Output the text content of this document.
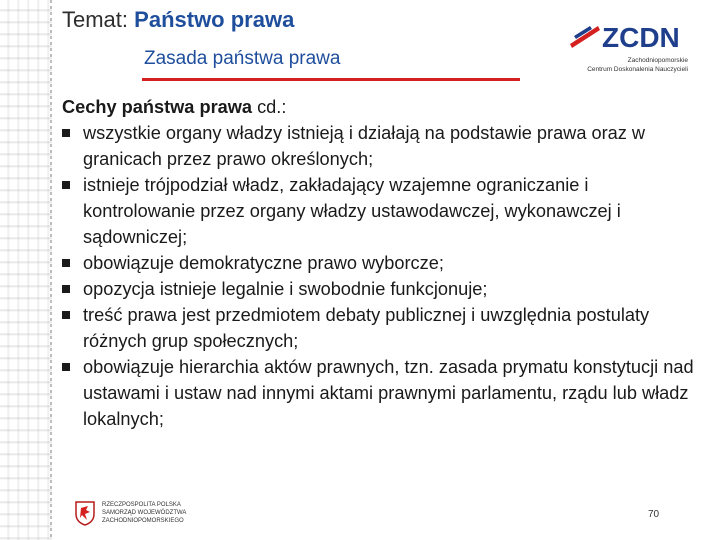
Temat: Państwo prawa
Zasada państwa prawa
ZCDN
Zachodniopomorskie
Centrum Doskonalenia Nauczycieli

Cechy państwa prawa cd.:

wszystkie organy władzy istnieją i działają na podstawie prawa oraz w granicach przez prawo określonych;
istnieje trójpodział władz, zakładający wzajemne ograniczanie i kontrolowanie przez organy władzy ustawodawczej, wykonawczej i sądowniczej;
obowiązuje demokratyczne prawo wyborcze;
opozycja istnieje legalnie i swobodnie funkcjonuje;
treść prawa jest przedmiotem debaty publicznej i uwzględnia postulaty różnych grup społecznych;
obowiązuje hierarchia aktów prawnych, tzn. zasada prymatu konstytucji nad ustawami i ustaw nad innymi aktami prawnymi parlamentu, rządu lub władz lokalnych;
RZECZPOSPOLITA POLSKA
SAMORZĄD WOJEWÓDZTWA
ZACHODNIOPOMORSKIEGO
70
